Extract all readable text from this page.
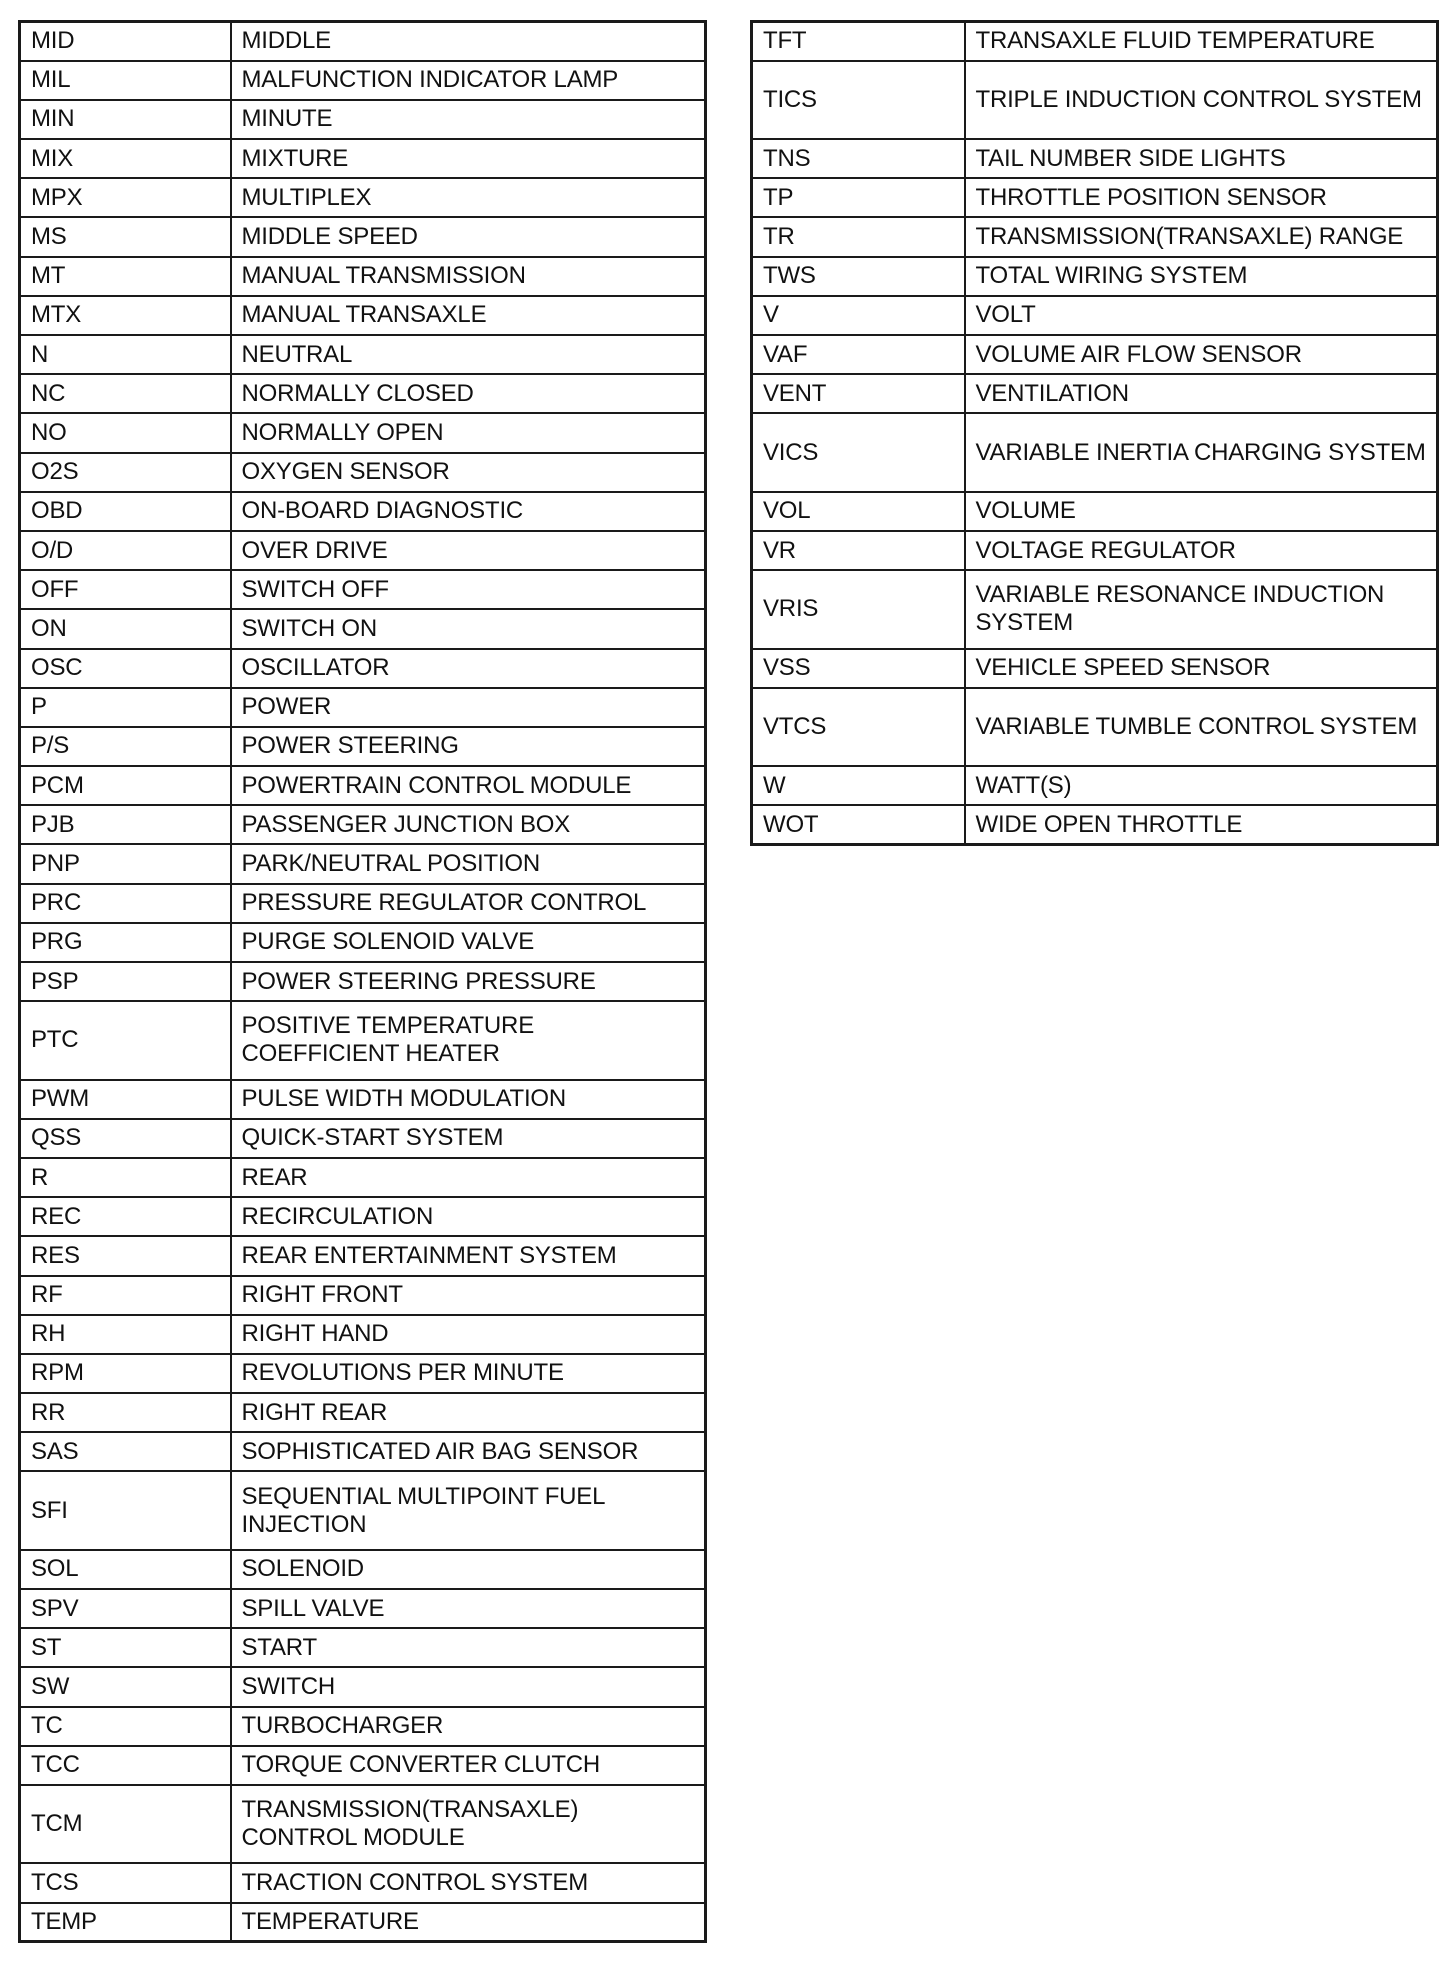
MID	MIDDLE
MIL	MALFUNCTION INDICATOR LAMP
MIN	MINUTE
MIX	MIXTURE
MPX	MULTIPLEX
MS	MIDDLE SPEED
MT	MANUAL TRANSMISSION
MTX	MANUAL TRANSAXLE
N	NEUTRAL
NC	NORMALLY CLOSED
NO	NORMALLY OPEN
O2S	OXYGEN SENSOR
OBD	ON-BOARD DIAGNOSTIC
O/D	OVER DRIVE
OFF	SWITCH OFF
ON	SWITCH ON
OSC	OSCILLATOR
P	POWER
P/S	POWER STEERING
PCM	POWERTRAIN CONTROL MODULE
PJB	PASSENGER JUNCTION BOX
PNP	PARK/NEUTRAL POSITION
PRC	PRESSURE REGULATOR CONTROL
PRG	PURGE SOLENOID VALVE
PSP	POWER STEERING PRESSURE
PTC	POSITIVE TEMPERATURE COEFFICIENT HEATER
PWM	PULSE WIDTH MODULATION
QSS	QUICK-START SYSTEM
R	REAR
REC	RECIRCULATION
RES	REAR ENTERTAINMENT SYSTEM
RF	RIGHT FRONT
RH	RIGHT HAND
RPM	REVOLUTIONS PER MINUTE
RR	RIGHT REAR
SAS	SOPHISTICATED AIR BAG SENSOR
SFI	SEQUENTIAL MULTIPOINT FUEL INJECTION
SOL	SOLENOID
SPV	SPILL VALVE
ST	START
SW	SWITCH
TC	TURBOCHARGER
TCC	TORQUE CONVERTER CLUTCH
TCM	TRANSMISSION(TRANSAXLE) CONTROL MODULE
TCS	TRACTION CONTROL SYSTEM
TEMP	TEMPERATURE
TFT	TRANSAXLE FLUID TEMPERATURE
TICS	TRIPLE INDUCTION CONTROL SYSTEM
TNS	TAIL NUMBER SIDE LIGHTS
TP	THROTTLE POSITION SENSOR
TR	TRANSMISSION(TRANSAXLE) RANGE
TWS	TOTAL WIRING SYSTEM
V	VOLT
VAF	VOLUME AIR FLOW SENSOR
VENT	VENTILATION
VICS	VARIABLE INERTIA CHARGING SYSTEM
VOL	VOLUME
VR	VOLTAGE REGULATOR
VRIS	VARIABLE RESONANCE INDUCTION SYSTEM
VSS	VEHICLE SPEED SENSOR
VTCS	VARIABLE TUMBLE CONTROL SYSTEM
W	WATT(S)
WOT	WIDE OPEN THROTTLE
